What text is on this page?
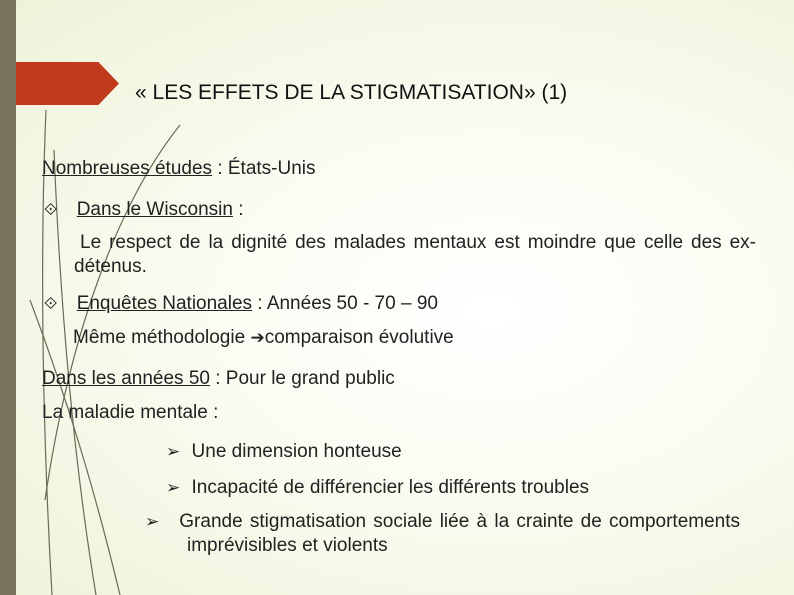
« LES EFFETS DE LA STIGMATISATION» (1)
Nombreuses études : États-Unis
⟐ Dans le Wisconsin :
Le respect de la dignité des malades mentaux est moindre que celle des ex-détenus.
⟐ Enquêtes Nationales : Années 50 - 70 – 90
Même méthodologie ➔comparaison évolutive
Dans les années 50 : Pour le grand public
La maladie mentale :
➢ Une dimension honteuse
➢ Incapacité de différencier les différents troubles
➢ Grande stigmatisation sociale liée à la crainte de comportements imprévisibles et violents
